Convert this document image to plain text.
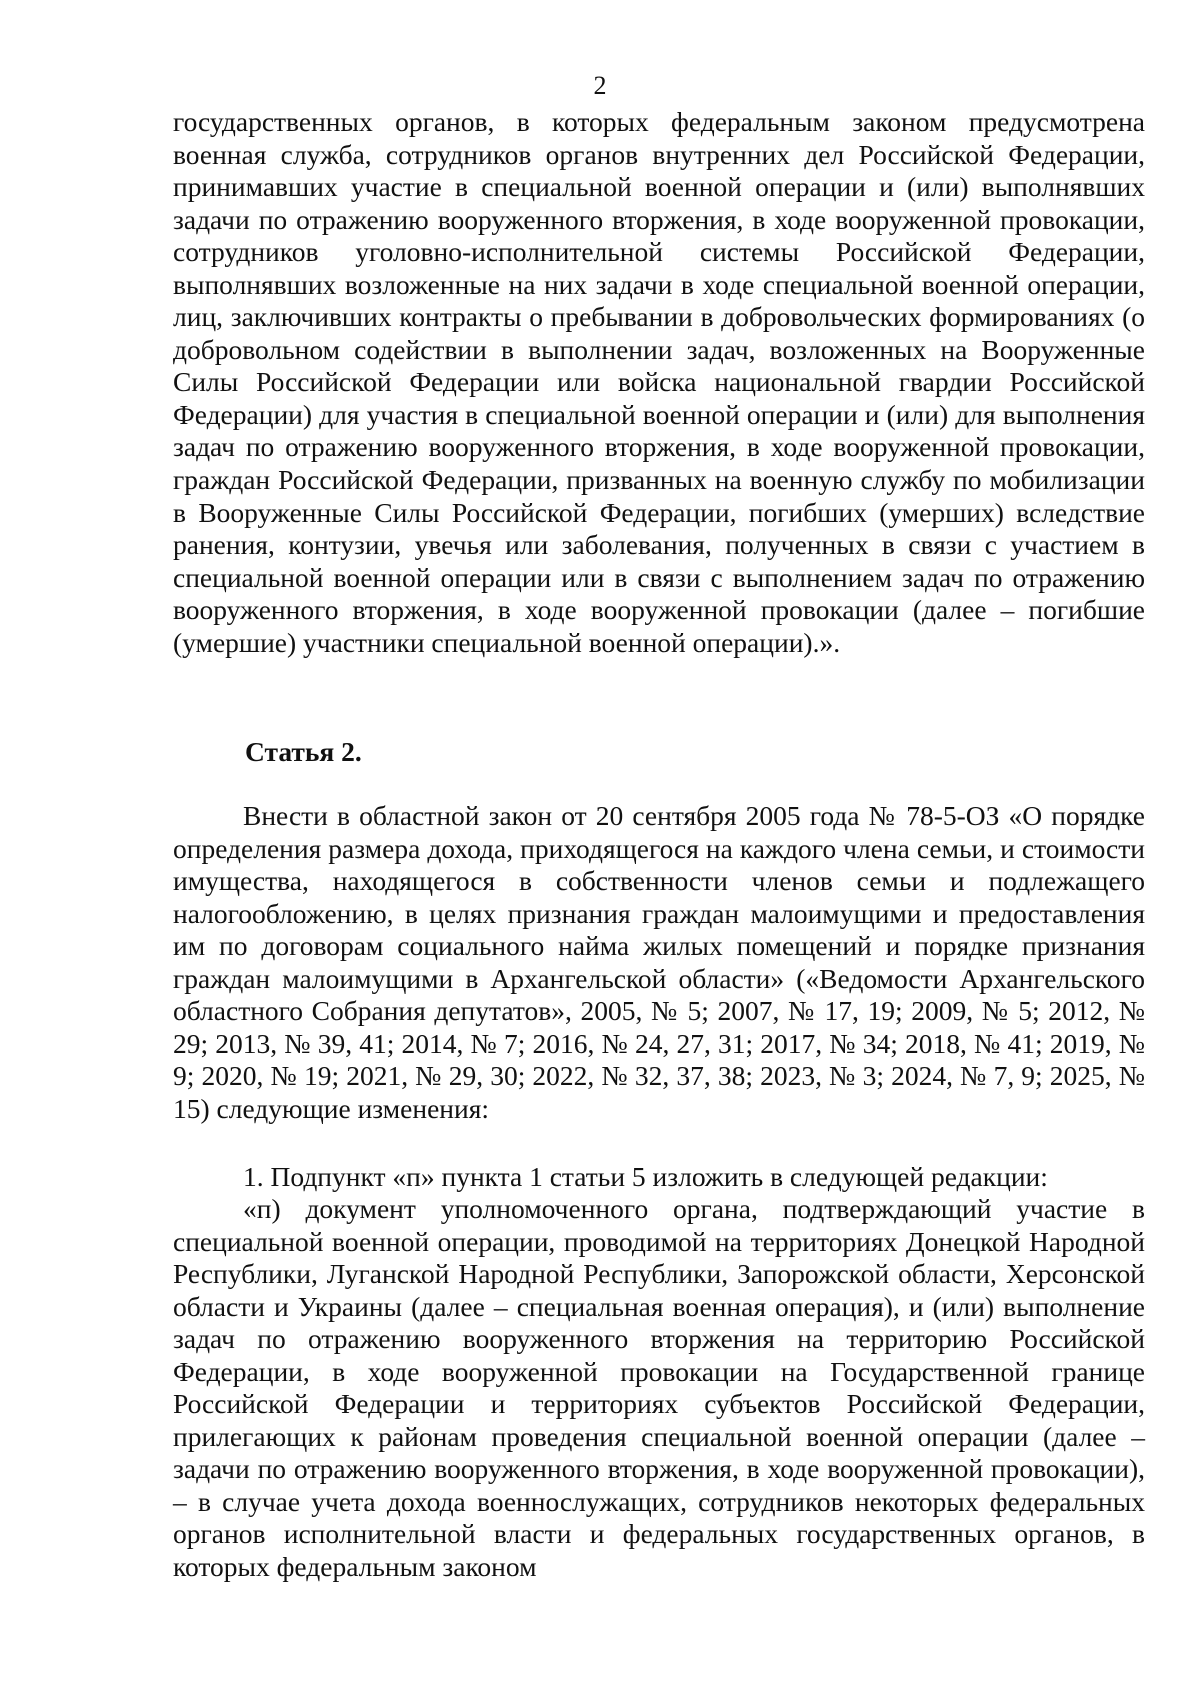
2

государственных органов, в которых федеральным законом предусмотрена военная служба, сотрудников органов внутренних дел Российской Федерации, принимавших участие в специальной военной операции и (или) выполнявших задачи по отражению вооруженного вторжения, в ходе вооруженной провокации, сотрудников уголовно-исполнительной системы Российской Федерации, выполнявших возложенные на них задачи в ходе специальной военной операции, лиц, заключивших контракты о пребывании в добровольческих формированиях (о добровольном содействии в выполнении задач, возложенных на Вооруженные Силы Российской Федерации или войска национальной гвардии Российской Федерации) для участия в специальной военной операции и (или) для выполнения задач по отражению вооруженного вторжения, в ходе вооруженной провокации, граждан Российской Федерации, призванных на военную службу по мобилизации в Вооруженные Силы Российской Федерации, погибших (умерших) вследствие ранения, контузии, увечья или заболевания, полученных в связи с участием в специальной военной операции или в связи с выполнением задач по отражению вооруженного вторжения, в ходе вооруженной провокации (далее – погибшие (умершие) участники специальной военной операции).».

Статья 2.

Внести в областной закон от 20 сентября 2005 года № 78-5-ОЗ «О порядке определения размера дохода, приходящегося на каждого члена семьи, и стоимости имущества, находящегося в собственности членов семьи и подлежащего налогообложению, в целях признания граждан малоимущими и предоставления им по договорам социального найма жилых помещений и порядке признания граждан малоимущими в Архангельской области» («Ведомости Архангельского областного Собрания депутатов», 2005, № 5; 2007, № 17, 19; 2009, № 5; 2012, № 29; 2013, № 39, 41; 2014, № 7; 2016, № 24, 27, 31; 2017, № 34; 2018, № 41; 2019, № 9; 2020, № 19; 2021, № 29, 30; 2022, № 32, 37, 38; 2023, № 3; 2024, № 7, 9; 2025, № 15) следующие изменения:

1. Подпункт «п» пункта 1 статьи 5 изложить в следующей редакции:

«п) документ уполномоченного органа, подтверждающий участие в специальной военной операции, проводимой на территориях Донецкой Народной Республики, Луганской Народной Республики, Запорожской области, Херсонской области и Украины (далее – специальная военная операция), и (или) выполнение задач по отражению вооруженного вторжения на территорию Российской Федерации, в ходе вооруженной провокации на Государственной границе Российской Федерации и территориях субъектов Российской Федерации, прилегающих к районам проведения специальной военной операции (далее – задачи по отражению вооруженного вторжения, в ходе вооруженной провокации), – в случае учета дохода военнослужащих, сотрудников некоторых федеральных органов исполнительной власти и федеральных государственных органов, в которых федеральным законом
